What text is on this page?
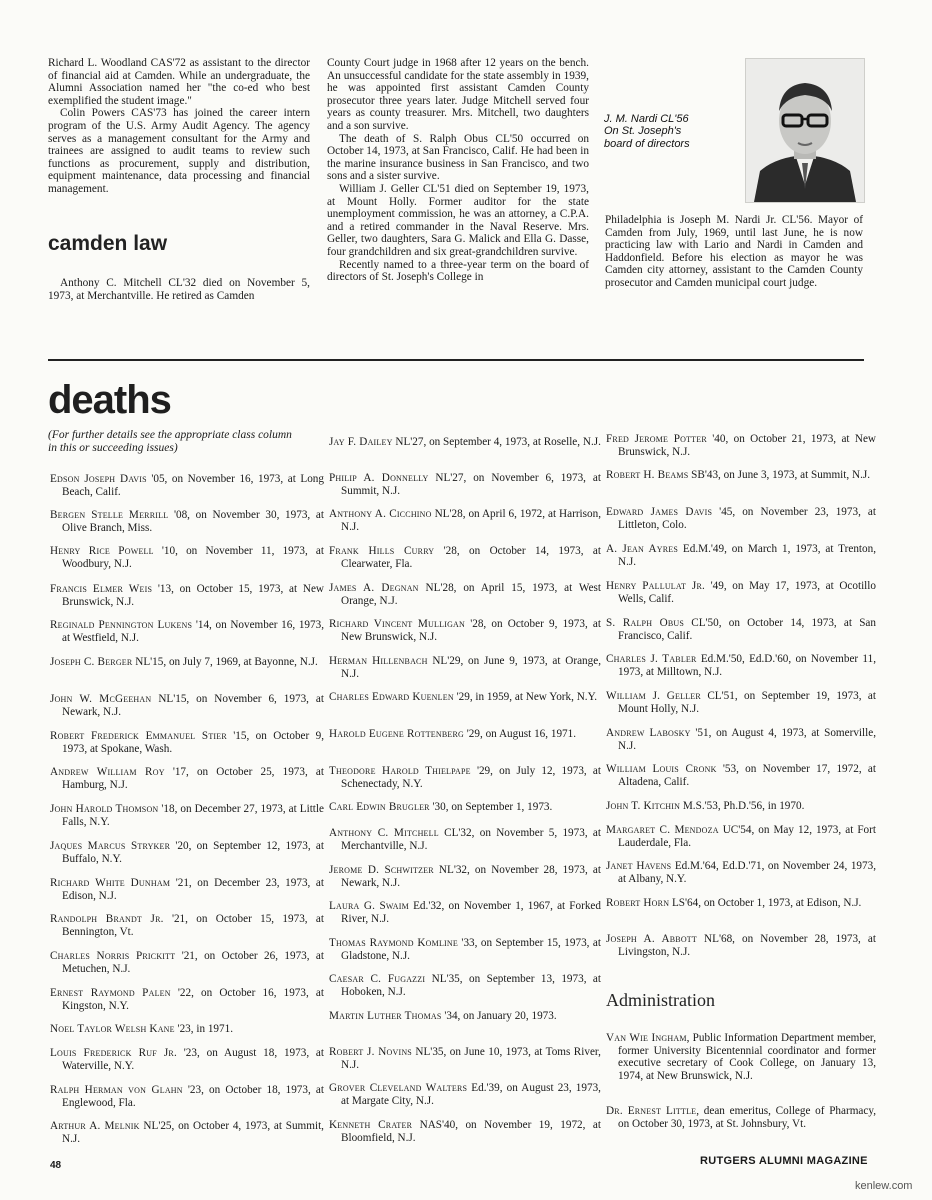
Richard L. Woodland CAS'72 as assistant to the director of financial aid at Camden. While an undergraduate, the Alumni Association named her "the co-ed who best exemplified the student image."

Colin Powers CAS'73 has joined the career intern program of the U.S. Army Audit Agency. The agency serves as a management consultant for the Army and trainees are assigned to audit teams to review such functions as procurement, supply and distribution, equipment maintenance, data processing and financial management.

camden law

Anthony C. Mitchell CL'32 died on November 5, 1973, at Merchantville. He retired as Camden

County Court judge in 1968 after 12 years on the bench. An unsuccessful candidate for the state assembly in 1939, he was appointed first assistant Camden County prosecutor three years later. Judge Mitchell served four years as county treasurer. Mrs. Mitchell, two daughters and a son survive.

The death of S. Ralph Obus CL'50 occurred on October 14, 1973, at San Francisco, Calif. He had been in the marine insurance business in San Francisco, and two sons and a sister survive.

William J. Geller CL'51 died on September 19, 1973, at Mount Holly. Former auditor for the state unemployment commission, he was an attorney, a C.P.A. and a retired commander in the Naval Reserve. Mrs. Geller, two daughters, Sara G. Malick and Ella G. Dasse, four grandchildren and six great-grandchildren survive.

Recently named to a three-year term on the board of directors of St. Joseph's College in

J. M. Nardi CL'56
On St. Joseph's
board of directors

Philadelphia is Joseph M. Nardi Jr. CL'56. Mayor of Camden from July, 1969, until last June, he is now practicing law with Lario and Nardi in Camden and Haddonfield. Before his election as mayor he was Camden city attorney, assistant to the Camden County prosecutor and Camden municipal court judge.

deaths
(For further details see the appropriate class column in this or succeeding issues)
Edson Joseph Davis '05, on November 16, 1973, at Long Beach, Calif.
Bergen Stelle Merrill '08, on November 30, 1973, at Olive Branch, Miss.
Henry Rice Powell '10, on November 11, 1973, at Woodbury, N.J.
Francis Elmer Weis '13, on October 15, 1973, at New Brunswick, N.J.
Reginald Pennington Lukens '14, on November 16, 1973, at Westfield, N.J.
Joseph C. Berger NL'15, on July 7, 1969, at Bayonne, N.J.
John W. McGeehan NL'15, on November 6, 1973, at Newark, N.J.
Robert Frederick Emmanuel Stier '15, on October 9, 1973, at Spokane, Wash.
Andrew William Roy '17, on October 25, 1973, at Hamburg, N.J.
John Harold Thomson '18, on December 27, 1973, at Little Falls, N.Y.
Jaques Marcus Stryker '20, on September 12, 1973, at Buffalo, N.Y.
Richard White Dunham '21, on December 23, 1973, at Edison, N.J.
Randolph Brandt Jr. '21, on October 15, 1973, at Bennington, Vt.
Charles Norris Prickitt '21, on October 26, 1973, at Metuchen, N.J.
Ernest Raymond Palen '22, on October 16, 1973, at Kingston, N.Y.
Noel Taylor Welsh Kane '23, in 1971.
Louis Frederick Ruf Jr. '23, on August 18, 1973, at Waterville, N.Y.
Ralph Herman von Glahn '23, on October 18, 1973, at Englewood, Fla.
Arthur A. Melnik NL'25, on October 4, 1973, at Summit, N.J.
Jay F. Dailey NL'27, on September 4, 1973, at Roselle, N.J.
Philip A. Donnelly NL'27, on November 6, 1973, at Summit, N.J.
Anthony A. Cicchino NL'28, on April 6, 1972, at Harrison, N.J.
Frank Hills Curry '28, on October 14, 1973, at Clearwater, Fla.
James A. Degnan NL'28, on April 15, 1973, at West Orange, N.J.
Richard Vincent Mulligan '28, on October 9, 1973, at New Brunswick, N.J.
Herman Hillenbach NL'29, on June 9, 1973, at Orange, N.J.
Charles Edward Kuenlen '29, in 1959, at New York, N.Y.
Harold Eugene Rottenberg '29, on August 16, 1971.
Theodore Harold Thielpape '29, on July 12, 1973, at Schenectady, N.Y.
Carl Edwin Brugler '30, on September 1, 1973.
Anthony C. Mitchell CL'32, on November 5, 1973, at Merchantville, N.J.
Jerome D. Schwitzer NL'32, on November 28, 1973, at Newark, N.J.
Laura G. Swaim Ed.'32, on November 1, 1967, at Forked River, N.J.
Thomas Raymond Komline '33, on September 15, 1973, at Gladstone, N.J.
Caesar C. Fugazzi NL'35, on September 13, 1973, at Hoboken, N.J.
Martin Luther Thomas '34, on January 20, 1973.
Robert J. Novins NL'35, on June 10, 1973, at Toms River, N.J.
Grover Cleveland Walters Ed.'39, on August 23, 1973, at Margate City, N.J.
Kenneth Crater NAS'40, on November 19, 1972, at Bloomfield, N.J.
Fred Jerome Potter '40, on October 21, 1973, at New Brunswick, N.J.
Robert H. Beams SB'43, on June 3, 1973, at Summit, N.J.
Edward James Davis '45, on November 23, 1973, at Littleton, Colo.
A. Jean Ayres Ed.M.'49, on March 1, 1973, at Trenton, N.J.
Henry Pallulat Jr. '49, on May 17, 1973, at Ocotillo Wells, Calif.
S. Ralph Obus CL'50, on October 14, 1973, at San Francisco, Calif.
Charles J. Tabler Ed.M.'50, Ed.D.'60, on November 11, 1973, at Milltown, N.J.
William J. Geller CL'51, on September 19, 1973, at Mount Holly, N.J.
Andrew Labosky '51, on August 4, 1973, at Somerville, N.J.
William Louis Cronk '53, on November 17, 1972, at Altadena, Calif.
John T. Kitchin M.S.'53, Ph.D.'56, in 1970.
Margaret C. Mendoza UC'54, on May 12, 1973, at Fort Lauderdale, Fla.
Janet Havens Ed.M.'64, Ed.D.'71, on November 24, 1973, at Albany, N.Y.
Robert Horn LS'64, on October 1, 1973, at Edison, N.J.
Joseph A. Abbott NL'68, on November 28, 1973, at Livingston, N.J.
Administration
Van Wie Ingham, Public Information Department member, former University Bicentennial coordinator and former executive secretary of Cook College, on January 13, 1974, at New Brunswick, N.J.
Dr. Ernest Little, dean emeritus, College of Pharmacy, on October 30, 1973, at St. Johnsbury, Vt.
48	RUTGERS ALUMNI MAGAZINE
kenlew.com
